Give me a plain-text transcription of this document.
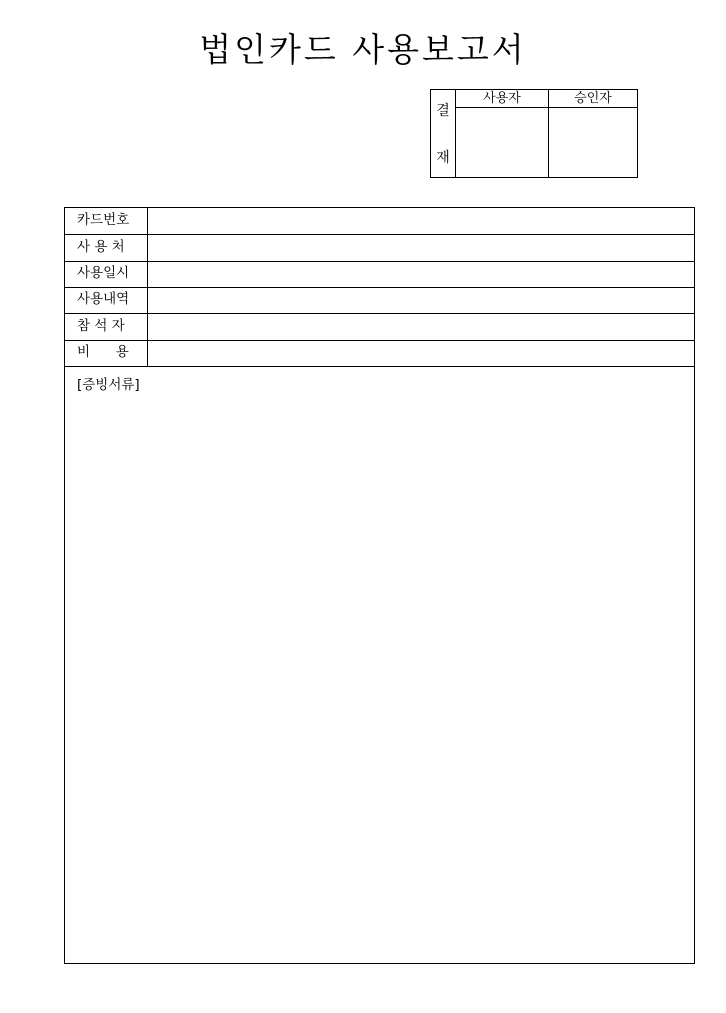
법인카드 사용보고서
결
재
사용자	승인자
카드번호
사 용 처
사용일시
사용내역
참 석 자
비      용
[증빙서류]
